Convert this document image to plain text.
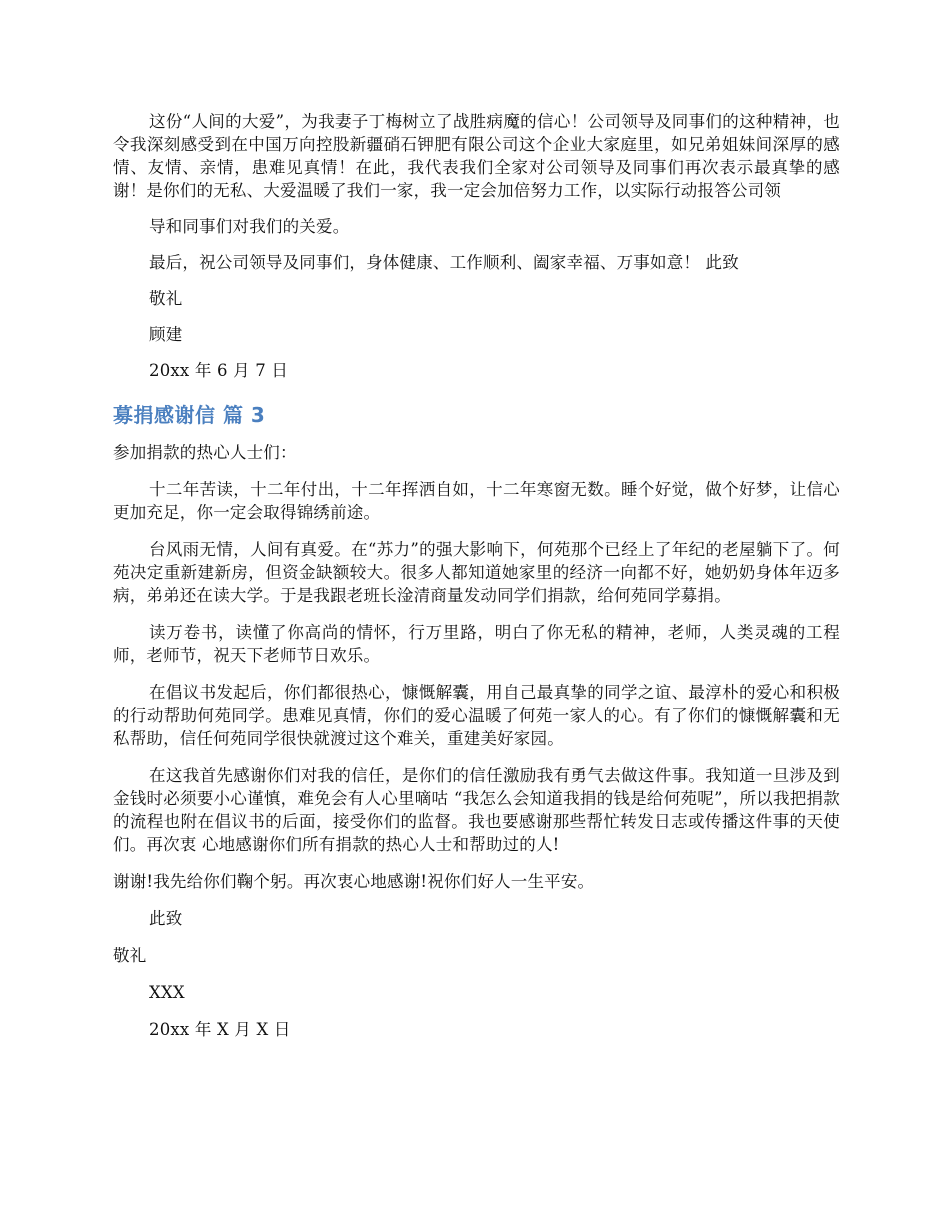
这份“人间的大爱”，为我妻子丁梅树立了战胜病魔的信心！公司领导及同事们的这种精神，也令我深刻感受到在中国万向控股新疆硝石钾肥有限公司这个企业大家庭里，如兄弟姐妹间深厚的感情、友情、亲情，患难见真情！在此，我代表我们全家对公司领导及同事们再次表示最真挚的感谢！是你们的无私、大爱温暖了我们一家，我一定会加倍努力工作，以实际行动报答公司领

导和同事们对我们的关爱。

最后，祝公司领导及同事们，身体健康、工作顺利、阖家幸福、万事如意！ 此致

敬礼

顾建

20xx 年 6 月 7 日

募捐感谢信 篇 3

参加捐款的热心人士们：

十二年苦读，十二年付出，十二年挥洒自如，十二年寒窗无数。睡个好觉，做个好梦，让信心更加充足，你一定会取得锦绣前途。

台风雨无情，人间有真爱。在“苏力”的强大影响下，何苑那个已经上了年纪的老屋躺下了。何苑决定重新建新房，但资金缺额较大。很多人都知道她家里的经济一向都不好，她奶奶身体年迈多病，弟弟还在读大学。于是我跟老班长淦清商量发动同学们捐款，给何苑同学募捐。

读万卷书，读懂了你高尚的情怀，行万里路，明白了你无私的精神，老师，人类灵魂的工程师，老师节，祝天下老师节日欢乐。

在倡议书发起后，你们都很热心，慷慨解囊，用自己最真挚的同学之谊、最淳朴的爱心和积极的行动帮助何苑同学。患难见真情，你们的爱心温暖了何苑一家人的心。有了你们的慷慨解囊和无私帮助，信任何苑同学很快就渡过这个难关，重建美好家园。

在这我首先感谢你们对我的信任，是你们的信任激励我有勇气去做这件事。我知道一旦涉及到金钱时必须要小心谨慎，难免会有人心里嘀咕 “我怎么会知道我捐的钱是给何苑呢”，所以我把捐款的流程也附在倡议书的后面，接受你们的监督。我也要感谢那些帮忙转发日志或传播这件事的天使们。再次衷 心地感谢你们所有捐款的热心人士和帮助过的人!

谢谢!我先给你们鞠个躬。再次衷心地感谢!祝你们好人一生平安。

此致

敬礼

XXX

20xx 年 X 月 X 日
